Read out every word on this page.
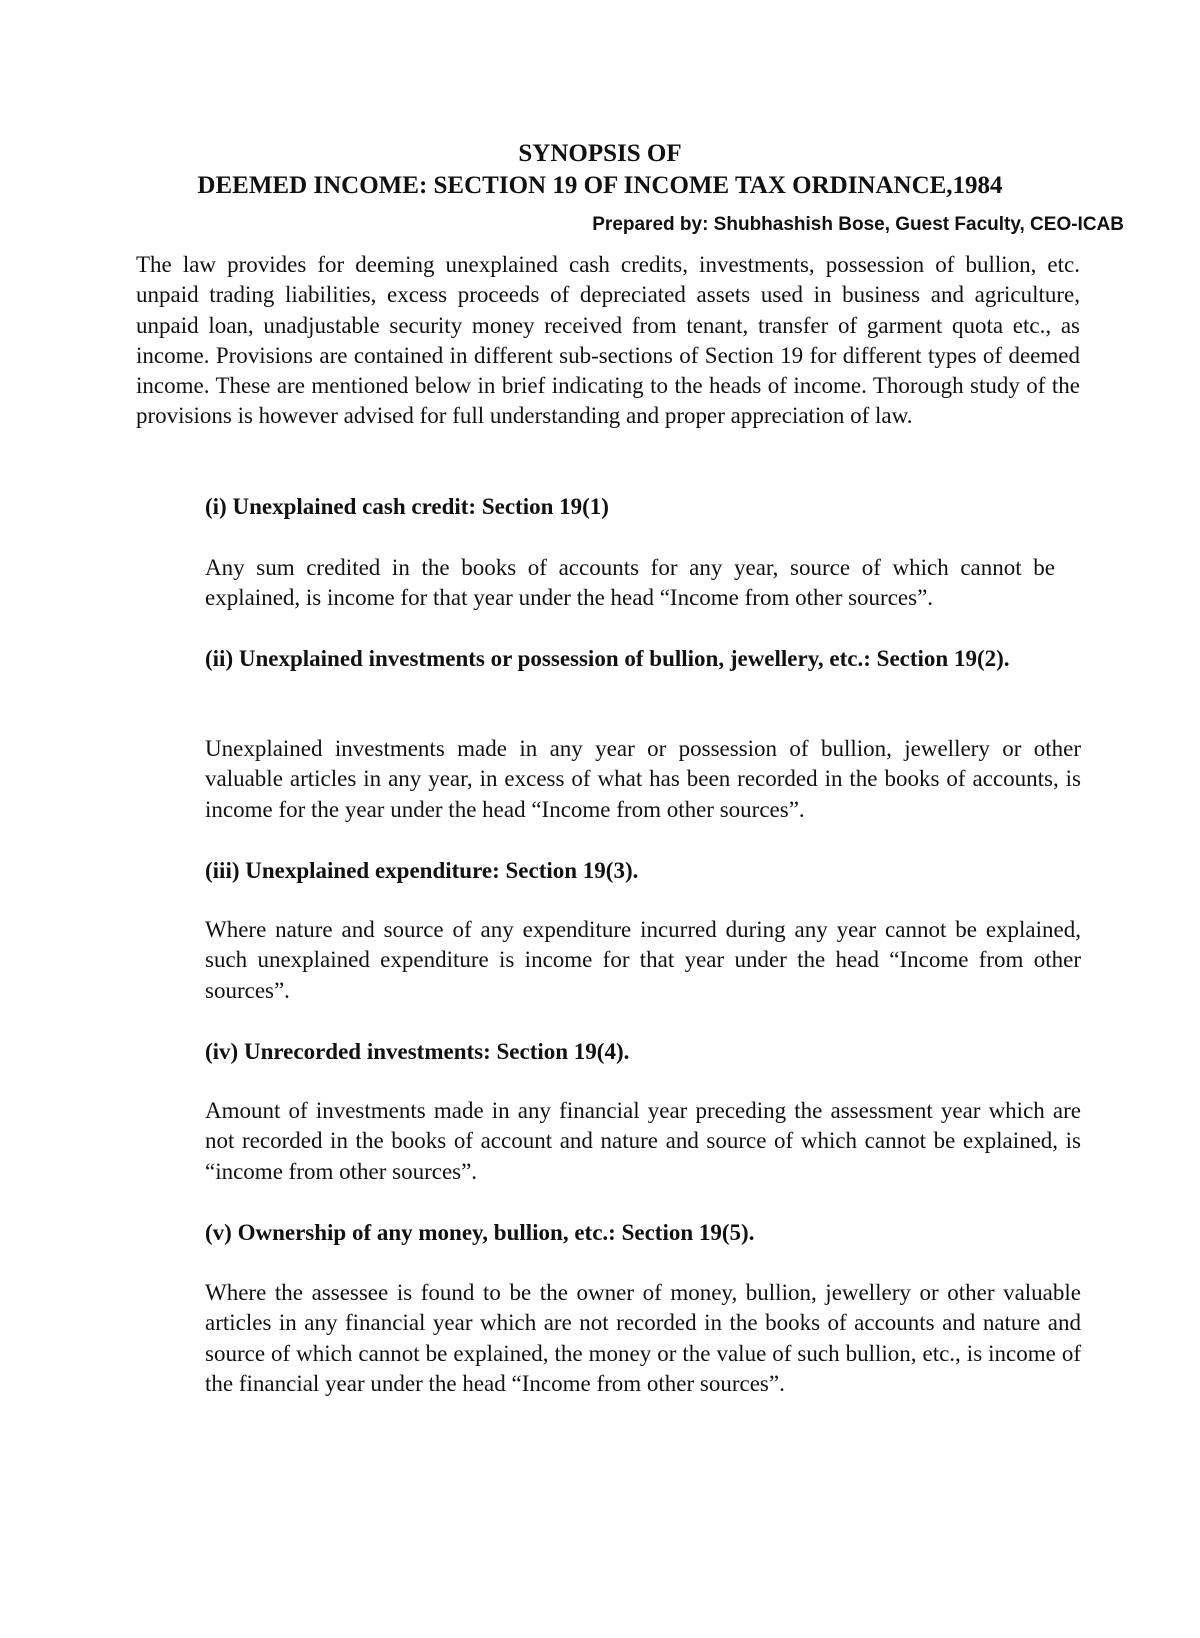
SYNOPSIS OF
DEEMED INCOME: SECTION 19 OF INCOME TAX ORDINANCE,1984
Prepared by: Shubhashish Bose, Guest Faculty, CEO-ICAB

The law provides for deeming unexplained cash credits, investments, possession of bullion, etc. unpaid trading liabilities, excess proceeds of depreciated assets used in business and agriculture, unpaid loan, unadjustable security money received from tenant, transfer of garment quota etc., as income. Provisions are contained in different sub-sections of Section 19 for different types of deemed income. These are mentioned below in brief indicating to the heads of income. Thorough study of the provisions is however advised for full understanding and proper appreciation of law.

(i) Unexplained cash credit: Section 19(1)

Any sum credited in the books of accounts for any year, source of which cannot be explained, is income for that year under the head “Income from other sources”.

(ii) Unexplained investments or possession of bullion, jewellery, etc.: Section 19(2).

Unexplained investments made in any year or possession of bullion, jewellery or other valuable articles in any year, in excess of what has been recorded in the books of accounts, is income for the year under the head “Income from other sources”.

(iii) Unexplained expenditure: Section 19(3).

Where nature and source of any expenditure incurred during any year cannot be explained, such unexplained expenditure is income for that year under the head “Income from other sources”.

(iv) Unrecorded investments: Section 19(4).

Amount of investments made in any financial year preceding the assessment year which are not recorded in the books of account and nature and source of which cannot be explained, is “income from other sources”.

(v) Ownership of any money, bullion, etc.: Section 19(5).

Where the assessee is found to be the owner of money, bullion, jewellery or other valuable articles in any financial year which are not recorded in the books of accounts and nature and source of which cannot be explained, the money or the value of such bullion, etc., is income of the financial year under the head “Income from other sources”.
